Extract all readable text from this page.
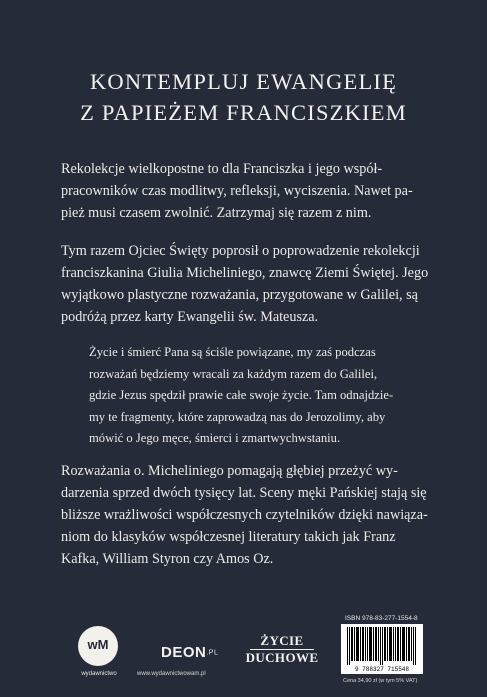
KONTEMPLUJ EWANGELIĘ
Z PAPIEŻEM FRANCISZKIEM
Rekolekcje wielkopostne to dla Franciszka i jego współ-
pracowników czas modlitwy, refleksji, wyciszenia. Nawet pa-
pież musi czasem zwolnić. Zatrzymaj się razem z nim.
Tym razem Ojciec Święty poprosił o poprowadzenie rekolekcji
franciszkanina Giulia Micheliniego, znawcę Ziemi Świętej. Jego
wyjątkowo plastyczne rozważania, przygotowane w Galilei, są
podróżą przez karty Ewangelii św. Mateusza.
Życie i śmierć Pana są ściśle powiązane, my zaś podczas
rozważań będziemy wracali za każdym razem do Galilei,
gdzie Jezus spędził prawie całe swoje życie. Tam odnajdzie-
my te fragmenty, które zaprowadzą nas do Jerozolimy, aby
mówić o Jego męce, śmierci i zmartwychwstaniu.
Rozważania o. Micheliniego pomagają głębiej przeżyć wy-
darzenia sprzed dwóch tysięcy lat. Sceny męki Pańskiej stają się
bliższe wrażliwości współczesnych czytelników dzięki nawiąza-
niom do klasyków współczesnej literatury takich jak Franz
Kafka, William Styron czy Amos Oz.
wM
wydawnictwo
DEON.PL
www.wydawnictwowam.pl
ŻYCIE
DUCHOWE
ISBN 978-83-277-1554-8
9 788327 715548
Cena 34,90 zł (w tym 5% VAT)
